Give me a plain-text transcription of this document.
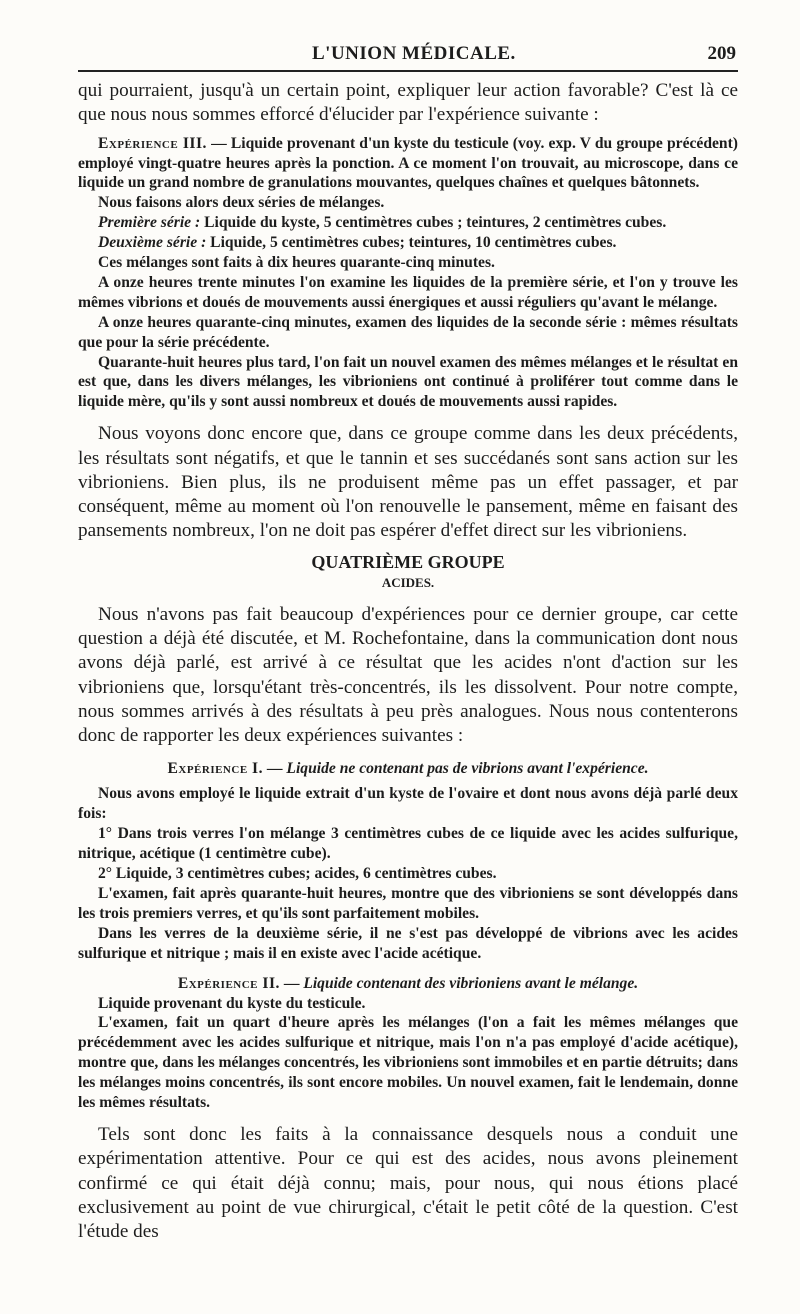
L'UNION MÉDICALE.	209

qui pourraient, jusqu'à un certain point, expliquer leur action favorable? C'est là ce que nous nous sommes efforcé d'élucider par l'expérience suivante :

Expérience III. — Liquide provenant d'un kyste du testicule (voy. exp. V du groupe précédent) employé vingt-quatre heures après la ponction. A ce moment l'on trouvait, au microscope, dans ce liquide un grand nombre de granulations mouvantes, quelques chaînes et quelques bâtonnets.

Nous faisons alors deux séries de mélanges.

Première série : Liquide du kyste, 5 centimètres cubes ; teintures, 2 centimètres cubes.

Deuxième série : Liquide, 5 centimètres cubes; teintures, 10 centimètres cubes.

Ces mélanges sont faits à dix heures quarante-cinq minutes.

A onze heures trente minutes l'on examine les liquides de la première série, et l'on y trouve les mêmes vibrions et doués de mouvements aussi énergiques et aussi réguliers qu'avant le mélange.

A onze heures quarante-cinq minutes, examen des liquides de la seconde série : mêmes résultats que pour la série précédente.

Quarante-huit heures plus tard, l'on fait un nouvel examen des mêmes mélanges et le résultat en est que, dans les divers mélanges, les vibrioniens ont continué à proliférer tout comme dans le liquide mère, qu'ils y sont aussi nombreux et doués de mouvements aussi rapides.

Nous voyons donc encore que, dans ce groupe comme dans les deux précédents, les résultats sont négatifs, et que le tannin et ses succédanés sont sans action sur les vibrioniens. Bien plus, ils ne produisent même pas un effet passager, et par conséquent, même au moment où l'on renouvelle le pansement, même en faisant des pansements nombreux, l'on ne doit pas espérer d'effet direct sur les vibrioniens.

QUATRIÈME GROUPE
ACIDES.

Nous n'avons pas fait beaucoup d'expériences pour ce dernier groupe, car cette question a déjà été discutée, et M. Rochefontaine, dans la communication dont nous avons déjà parlé, est arrivé à ce résultat que les acides n'ont d'action sur les vibrioniens que, lorsqu'étant très-concentrés, ils les dissolvent. Pour notre compte, nous sommes arrivés à des résultats à peu près analogues. Nous nous contenterons donc de rapporter les deux expériences suivantes :

Expérience I. — Liquide ne contenant pas de vibrions avant l'expérience.

Nous avons employé le liquide extrait d'un kyste de l'ovaire et dont nous avons déjà parlé deux fois:

1° Dans trois verres l'on mélange 3 centimètres cubes de ce liquide avec les acides sulfurique, nitrique, acétique (1 centimètre cube).

2° Liquide, 3 centimètres cubes; acides, 6 centimètres cubes.

L'examen, fait après quarante-huit heures, montre que des vibrioniens se sont développés dans les trois premiers verres, et qu'ils sont parfaitement mobiles.

Dans les verres de la deuxième série, il ne s'est pas développé de vibrions avec les acides sulfurique et nitrique ; mais il en existe avec l'acide acétique.

Expérience II. — Liquide contenant des vibrioniens avant le mélange.

Liquide provenant du kyste du testicule.

L'examen, fait un quart d'heure après les mélanges (l'on a fait les mêmes mélanges que précédemment avec les acides sulfurique et nitrique, mais l'on n'a pas employé d'acide acétique), montre que, dans les mélanges concentrés, les vibrioniens sont immobiles et en partie détruits; dans les mélanges moins concentrés, ils sont encore mobiles. Un nouvel examen, fait le lendemain, donne les mêmes résultats.

Tels sont donc les faits à la connaissance desquels nous a conduit une expérimentation attentive. Pour ce qui est des acides, nous avons pleinement confirmé ce qui était déjà connu; mais, pour nous, qui nous étions placé exclusivement au point de vue chirurgical, c'était le petit côté de la question. C'est l'étude des
